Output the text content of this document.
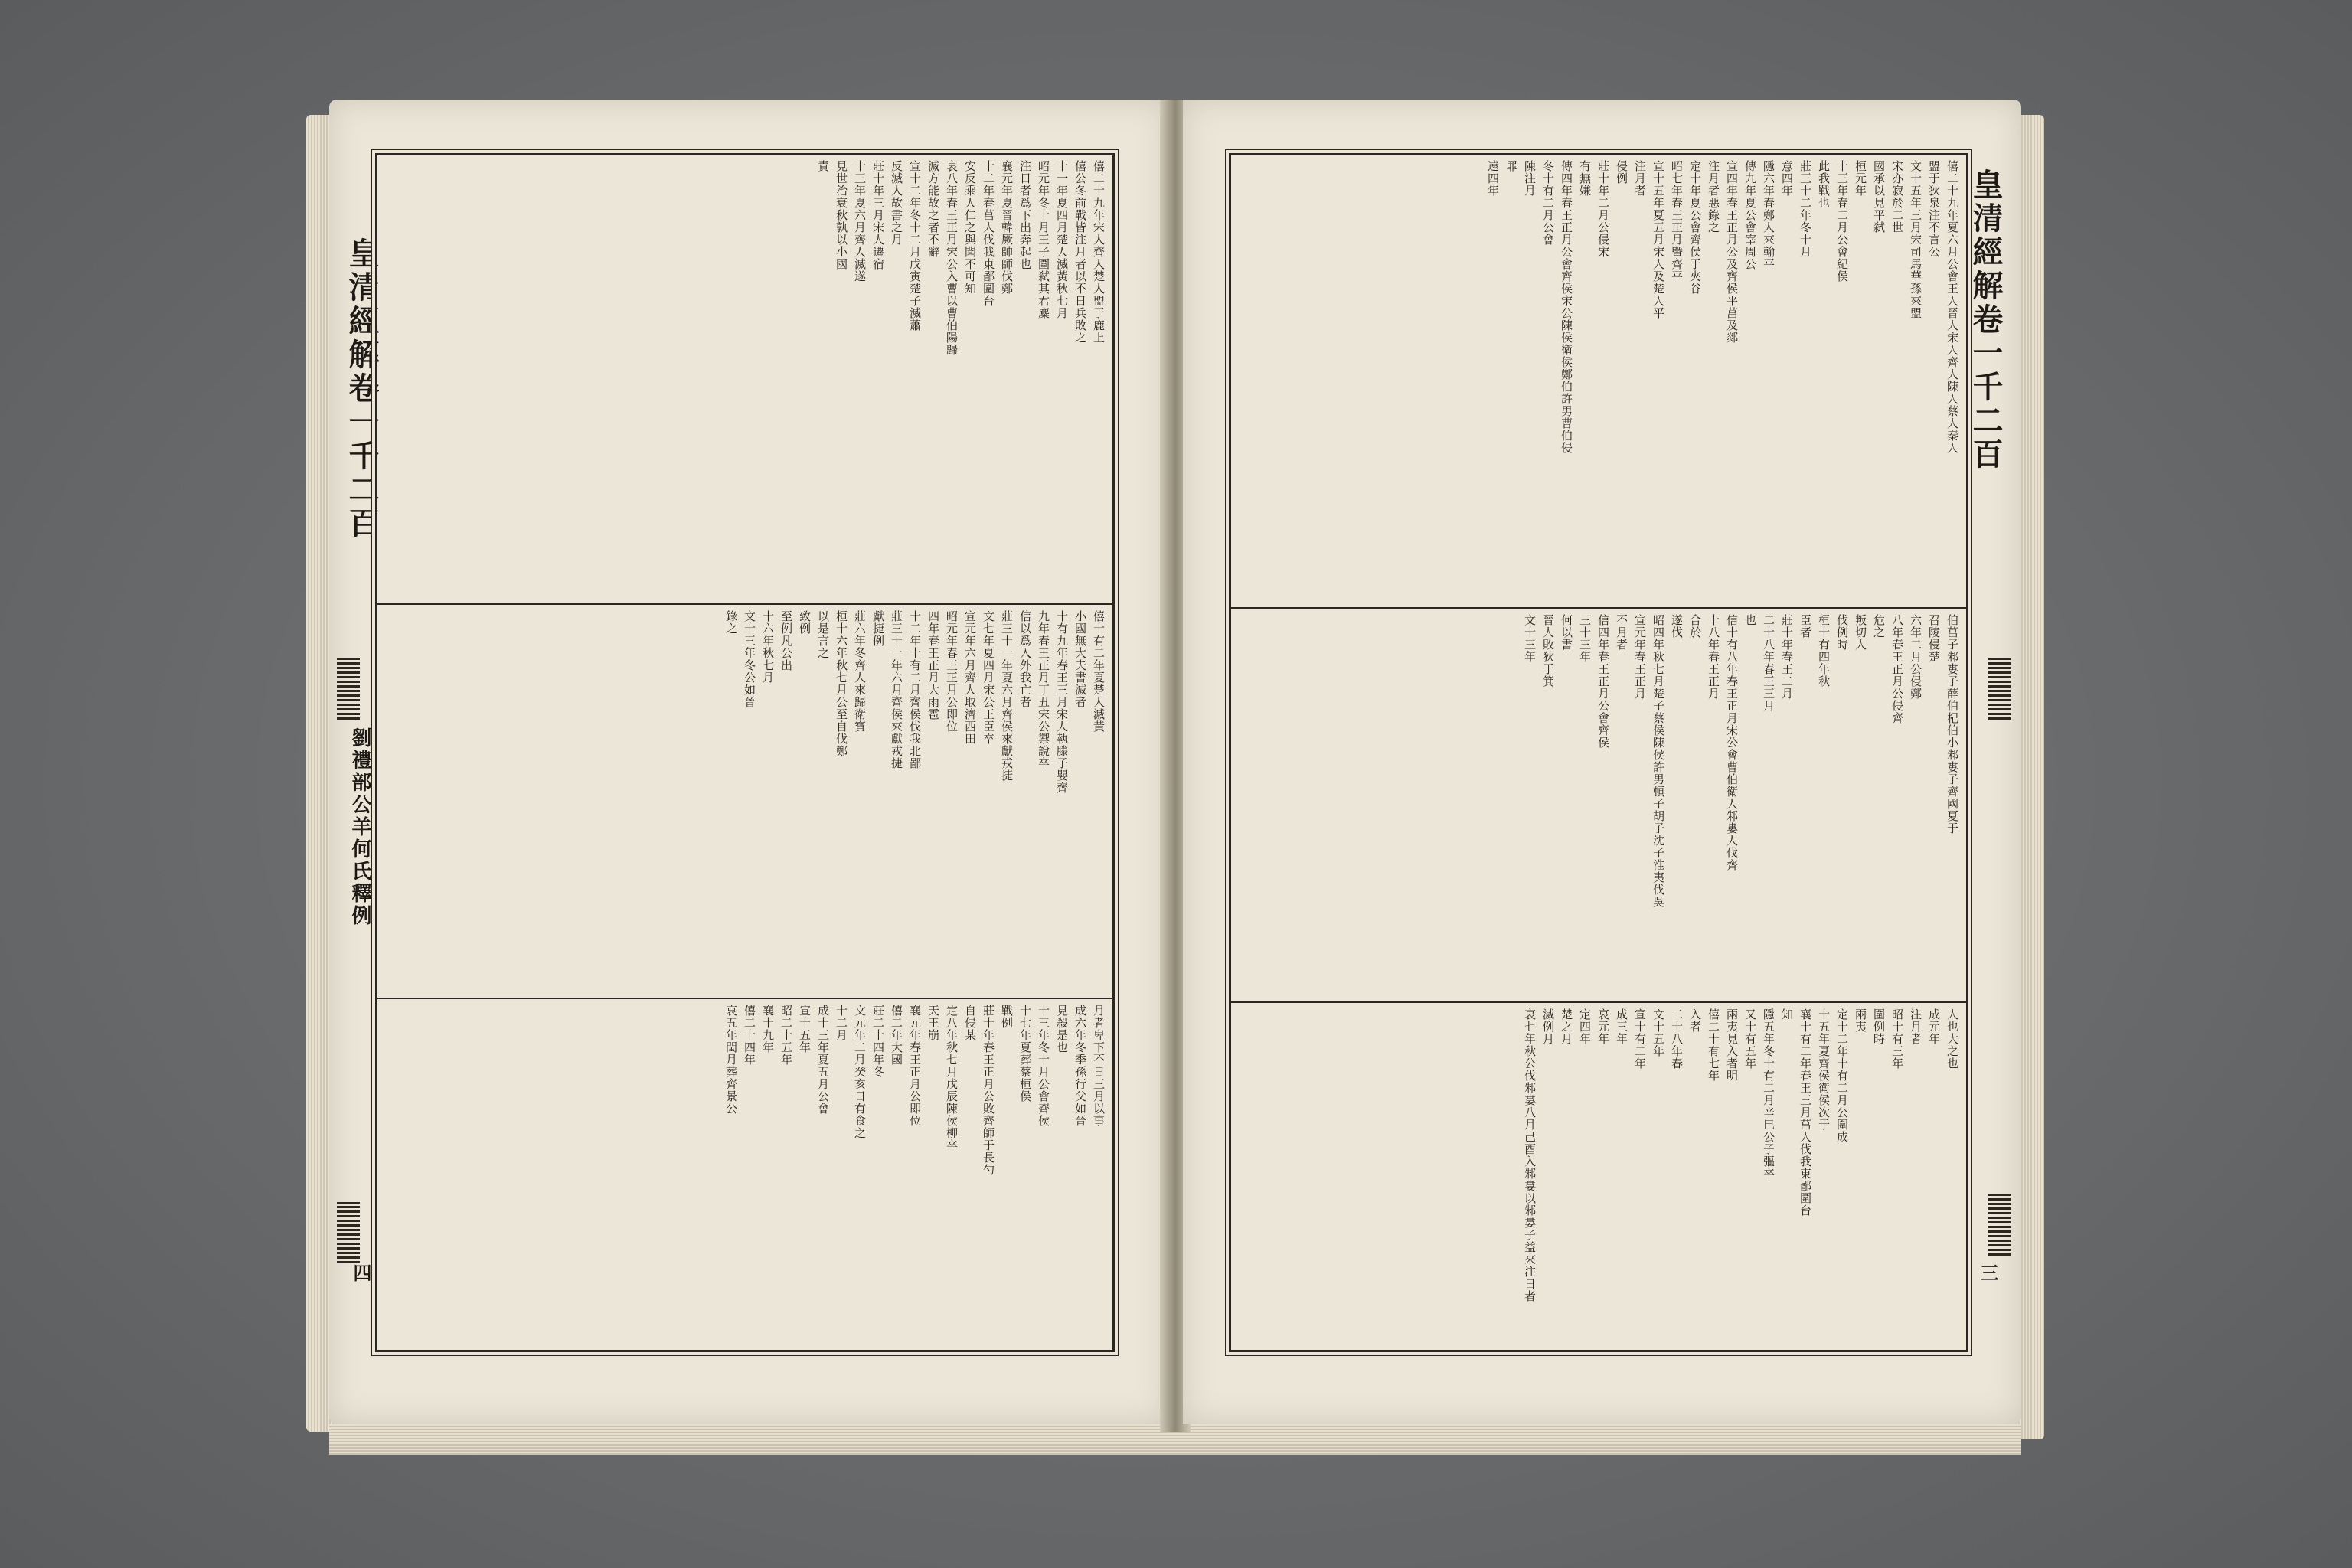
皇清經解卷一千二百
劉禮部公羊何氏釋例
四
僖二十九年宋人齊人楚人盟于鹿上
僖公冬前戰皆注月者以不日兵敗之
十一年夏四月楚人滅黃秋七月
昭元年冬十月王子圍弒其君麋
注日者爲下出奔起也
襄元年夏晉韓厥帥師伐鄭
十二年春莒人伐我東鄙圍台
安反乘人仁之與聞不可知
哀八年春王正月宋公入曹以曹伯陽歸
滅方能故之者不辭
宣十二年冬十二月戊寅楚子滅蕭
反滅人故書之月
莊十年三月宋人遷宿
十三年夏六月齊人滅遂
見世治衰秋孰以小國
責
僖十有二年夏楚人滅黃
小國無大夫書滅者
十有九年春王三月宋人執滕子嬰齊
九年春王正月丁丑宋公禦說卒
信以爲入外我亡者
莊三十一年夏六月齊侯來獻戎捷
文七年夏四月宋公王臣卒
宣元年六月齊人取濟西田
昭元年春王正月公即位
四年春王正月大雨雹
十二年十有二月齊侯伐我北鄙
莊三十一年六月齊侯來獻戎捷
獻捷例
莊六年冬齊人來歸衛寶
桓十六年秋七月公至自伐鄭
以是言之
致例
至例凡公出
十六年秋七月
文十三年冬公如晉
錄之
月者卑下不日三月以事
成六年冬季孫行父如晉
見殺是也
十三年冬十月公會齊侯
十七年夏葬蔡桓侯
戰例
莊十年春王正月公敗齊師于長勺
自侵某
定八年秋七月戊辰陳侯柳卒
天王崩
襄元年春王正月公即位
僖二年大國
莊二十四年冬
文元年二月癸亥日有食之
十二月
成十三年夏五月公會
宣十五年
昭二十五年
襄十九年
僖二十四年
哀五年閏月葬齊景公
皇清經解卷一千二百
三
僖二十九年夏六月公會王人晉人宋人齊人陳人蔡人秦人
盟于狄泉注不言公
文十五年三月宋司馬華孫來盟
宋亦寂於二世
國承以見平弑
桓元年
十三年春二月公會紀侯
此我戰也
莊三十二年冬十月
意四年
隱六年春鄭人來輸平
傳九年夏公會宰周公
宣四年春王正月公及齊侯平莒及郯
注月者惡錄之
定十年夏公會齊侯于夾谷
昭七年春王正月暨齊平
宣十五年夏五月宋人及楚人平
注月者
侵例
莊十年二月公侵宋
有無嫌
傳四年春王正月公會齊侯宋公陳侯衛侯鄭伯許男曹伯侵
冬十有二月公會
陳注月
罪
遠四年
伯莒子邾婁子薛伯杞伯小邾婁子齊國夏于
召陵侵楚
六年二月公侵鄭
八年春王正月公侵齊
危之
叛切人
伐例時
桓十有四年秋
臣者
莊十年春王二月
二十八年春王三月
也
信十有八年春王正月宋公會曹伯衛人邾婁人伐齊
十八年春王正月
合於
遂伐
昭四年秋七月楚子蔡侯陳侯許男頓子胡子沈子淮夷伐吳
宣元年春王正月
不月者
信四年春王正月公會齊侯
三十三年
何以書
晉人敗狄于箕
文十三年
人也大之也
成元年
注月者
昭十有三年
圍例時
兩夷
定十二年十有二月公圍成
十五年夏齊侯衛侯次于
襄十有二年春王三月莒人伐我東鄙圍台
知
隱五年冬十有二月辛巳公子彄卒
又十有五年
兩夷見入者明
僖二十有七年
入者
二十八年春
文十五年
宣十有二年
成三年
哀元年
定四年
楚之月
滅例月
哀七年秋公伐邾婁八月己酉入邾婁以邾婁子益來注日者
